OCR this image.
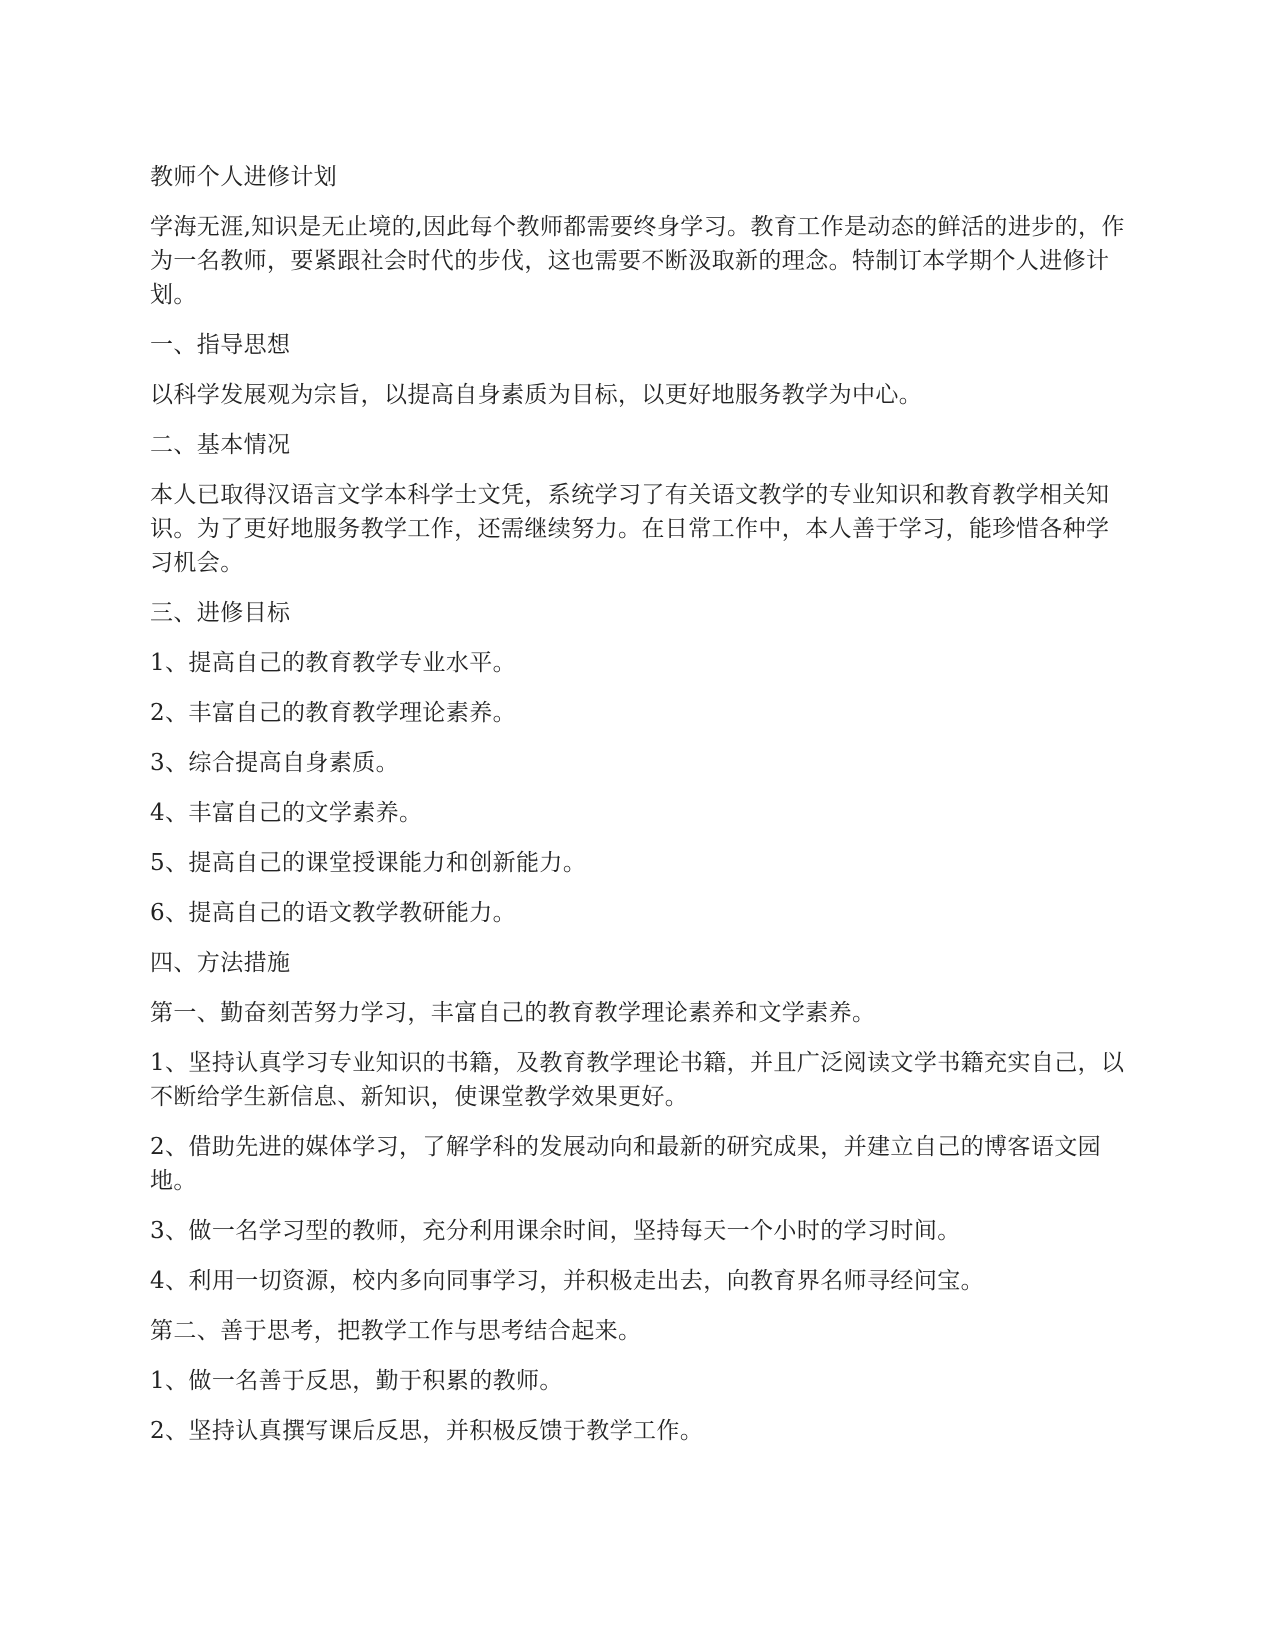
教师个人进修计划

学海无涯,知识是无止境的,因此每个教师都需要终身学习。教育工作是动态的鲜活的进步的，作为一名教师，要紧跟社会时代的步伐，这也需要不断汲取新的理念。特制订本学期个人进修计划。

一、指导思想

以科学发展观为宗旨，以提高自身素质为目标，以更好地服务教学为中心。

二、基本情况

本人已取得汉语言文学本科学士文凭，系统学习了有关语文教学的专业知识和教育教学相关知识。为了更好地服务教学工作，还需继续努力。在日常工作中，本人善于学习，能珍惜各种学习机会。

三、进修目标

1、提高自己的教育教学专业水平。

2、丰富自己的教育教学理论素养。

3、综合提高自身素质。

4、丰富自己的文学素养。

5、提高自己的课堂授课能力和创新能力。

6、提高自己的语文教学教研能力。

四、方法措施

第一、勤奋刻苦努力学习，丰富自己的教育教学理论素养和文学素养。

1、坚持认真学习专业知识的书籍，及教育教学理论书籍，并且广泛阅读文学书籍充实自己，以不断给学生新信息、新知识，使课堂教学效果更好。

2、借助先进的媒体学习，了解学科的发展动向和最新的研究成果，并建立自己的博客语文园地。

3、做一名学习型的教师，充分利用课余时间，坚持每天一个小时的学习时间。

4、利用一切资源，校内多向同事学习，并积极走出去，向教育界名师寻经问宝。

第二、善于思考，把教学工作与思考结合起来。

1、做一名善于反思，勤于积累的教师。

2、坚持认真撰写课后反思，并积极反馈于教学工作。
